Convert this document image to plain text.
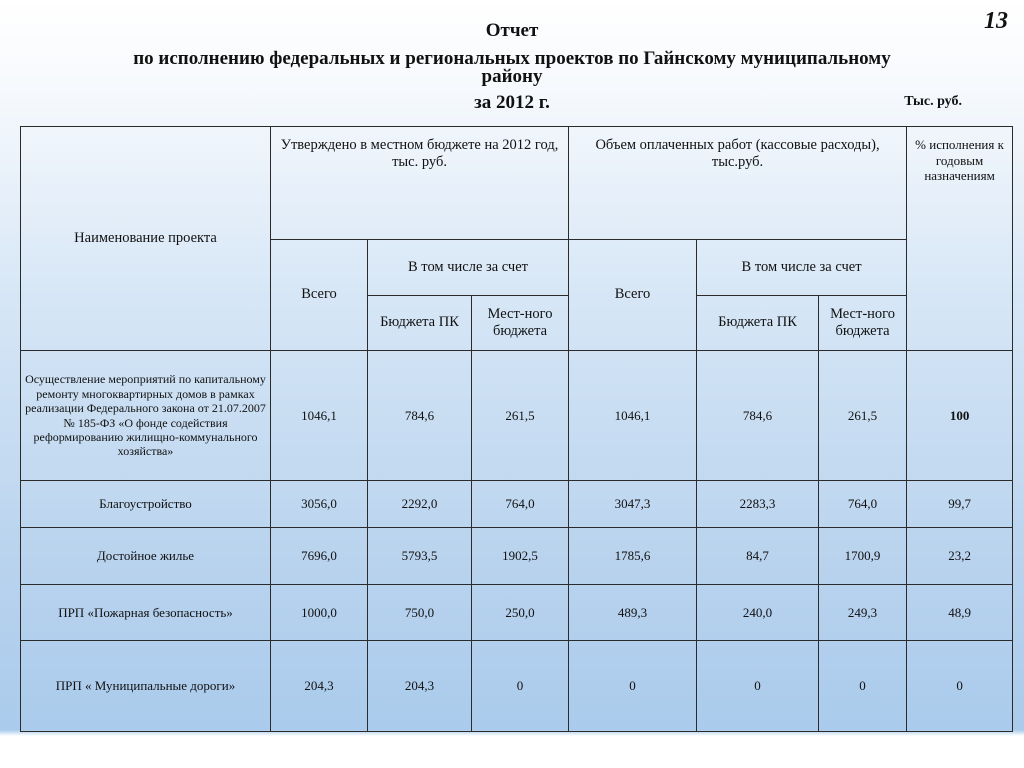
13
Отчет
по исполнению федеральных и региональных проектов по Гайнскому муниципальному
району
за 2012 г.	Тыс. руб.
Наименование проекта	Утверждено в местном бюджете на 2012 год, тыс. руб.			Объем оплаченных работ (кассовые расходы), тыс.руб.			% исполнения к годовым назначениям
	Всего	В том числе за счет		Всего	В том числе за счет		
		Бюджета ПК	Мест-ного бюджета		Бюджета ПК	Мест-ного бюджета	
Осуществление мероприятий по капитальному ремонту многоквартирных домов в рамках реализации Федерального закона от 21.07.2007 № 185-ФЗ «О фонде содействия реформированию жилищно-коммунального хозяйства»	1046,1	784,6	261,5	1046,1	784,6	261,5	100
Благоустройство	3056,0	2292,0	764,0	3047,3	2283,3	764,0	99,7
Достойное жилье	7696,0	5793,5	1902,5	1785,6	84,7	1700,9	23,2
ПРП «Пожарная безопасность»	1000,0	750,0	250,0	489,3	240,0	249,3	48,9
ПРП « Муниципальные дороги»	204,3	204,3	0	0	0	0	0
